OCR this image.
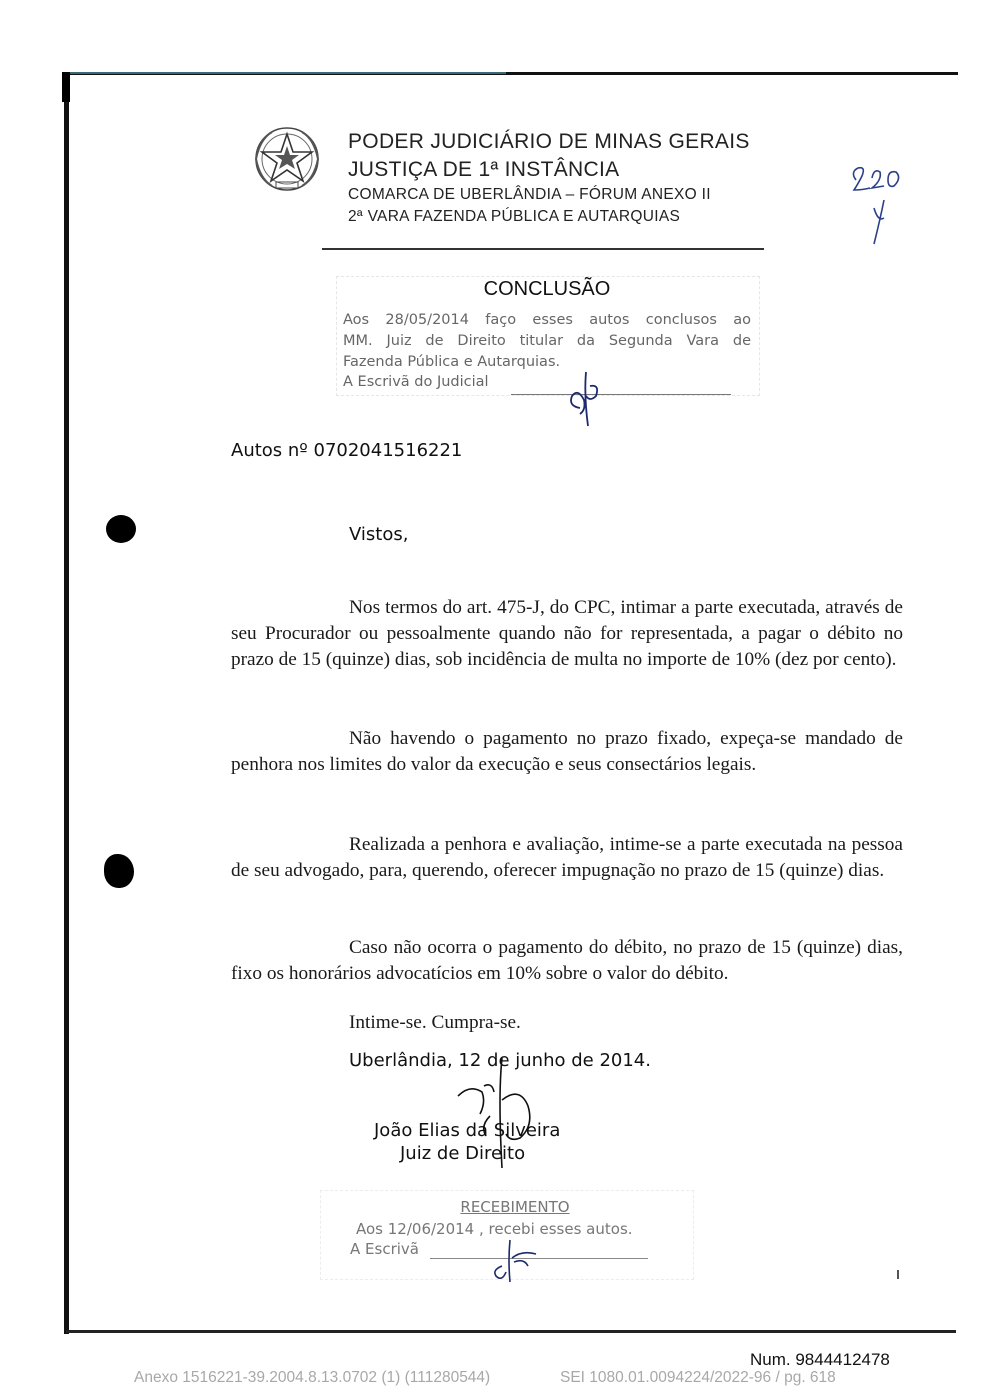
PODER JUDICIÁRIO DE MINAS GERAIS
JUSTIÇA DE 1ª INSTÂNCIA
COMARCA DE UBERLÂNDIA – FÓRUM ANEXO II
2ª VARA FAZENDA PÚBLICA E AUTARQUIAS
CONCLUSÃO
Aos 28/05/2014 faço esses autos conclusos ao
MM. Juiz de Direito titular da Segunda Vara de
Fazenda Pública e Autarquias.
A Escrivã do Judicial
Autos nº 0702041516221
Vistos,
Nos termos do art. 475-J, do CPC, intimar a parte executada, através de seu Procurador ou pessoalmente quando não for representada, a pagar o débito no prazo de 15 (quinze) dias, sob incidência de multa no importe de 10% (dez por cento).
Não havendo o pagamento no prazo fixado, expeça-se mandado de penhora nos limites do valor da execução e seus consectários legais.
Realizada a penhora e avaliação, intime-se a parte executada na pessoa de seu advogado, para, querendo, oferecer impugnação no prazo de 15 (quinze) dias.
Caso não ocorra o pagamento do débito, no prazo de 15 (quinze) dias, fixo os honorários advocatícios em 10% sobre o valor do débito.
Intime-se. Cumpra-se.
Uberlândia, 12 de junho de 2014.
João Elias da Silveira
Juiz de Direito
RECEBIMENTO
Aos 12/06/2014 , recebi esses autos.
A Escrivã
Num. 9844412478
Anexo 1516221-39.2004.8.13.0702 (1) (111280544)	SEI 1080.01.0094224/2022-96 / pg. 618
